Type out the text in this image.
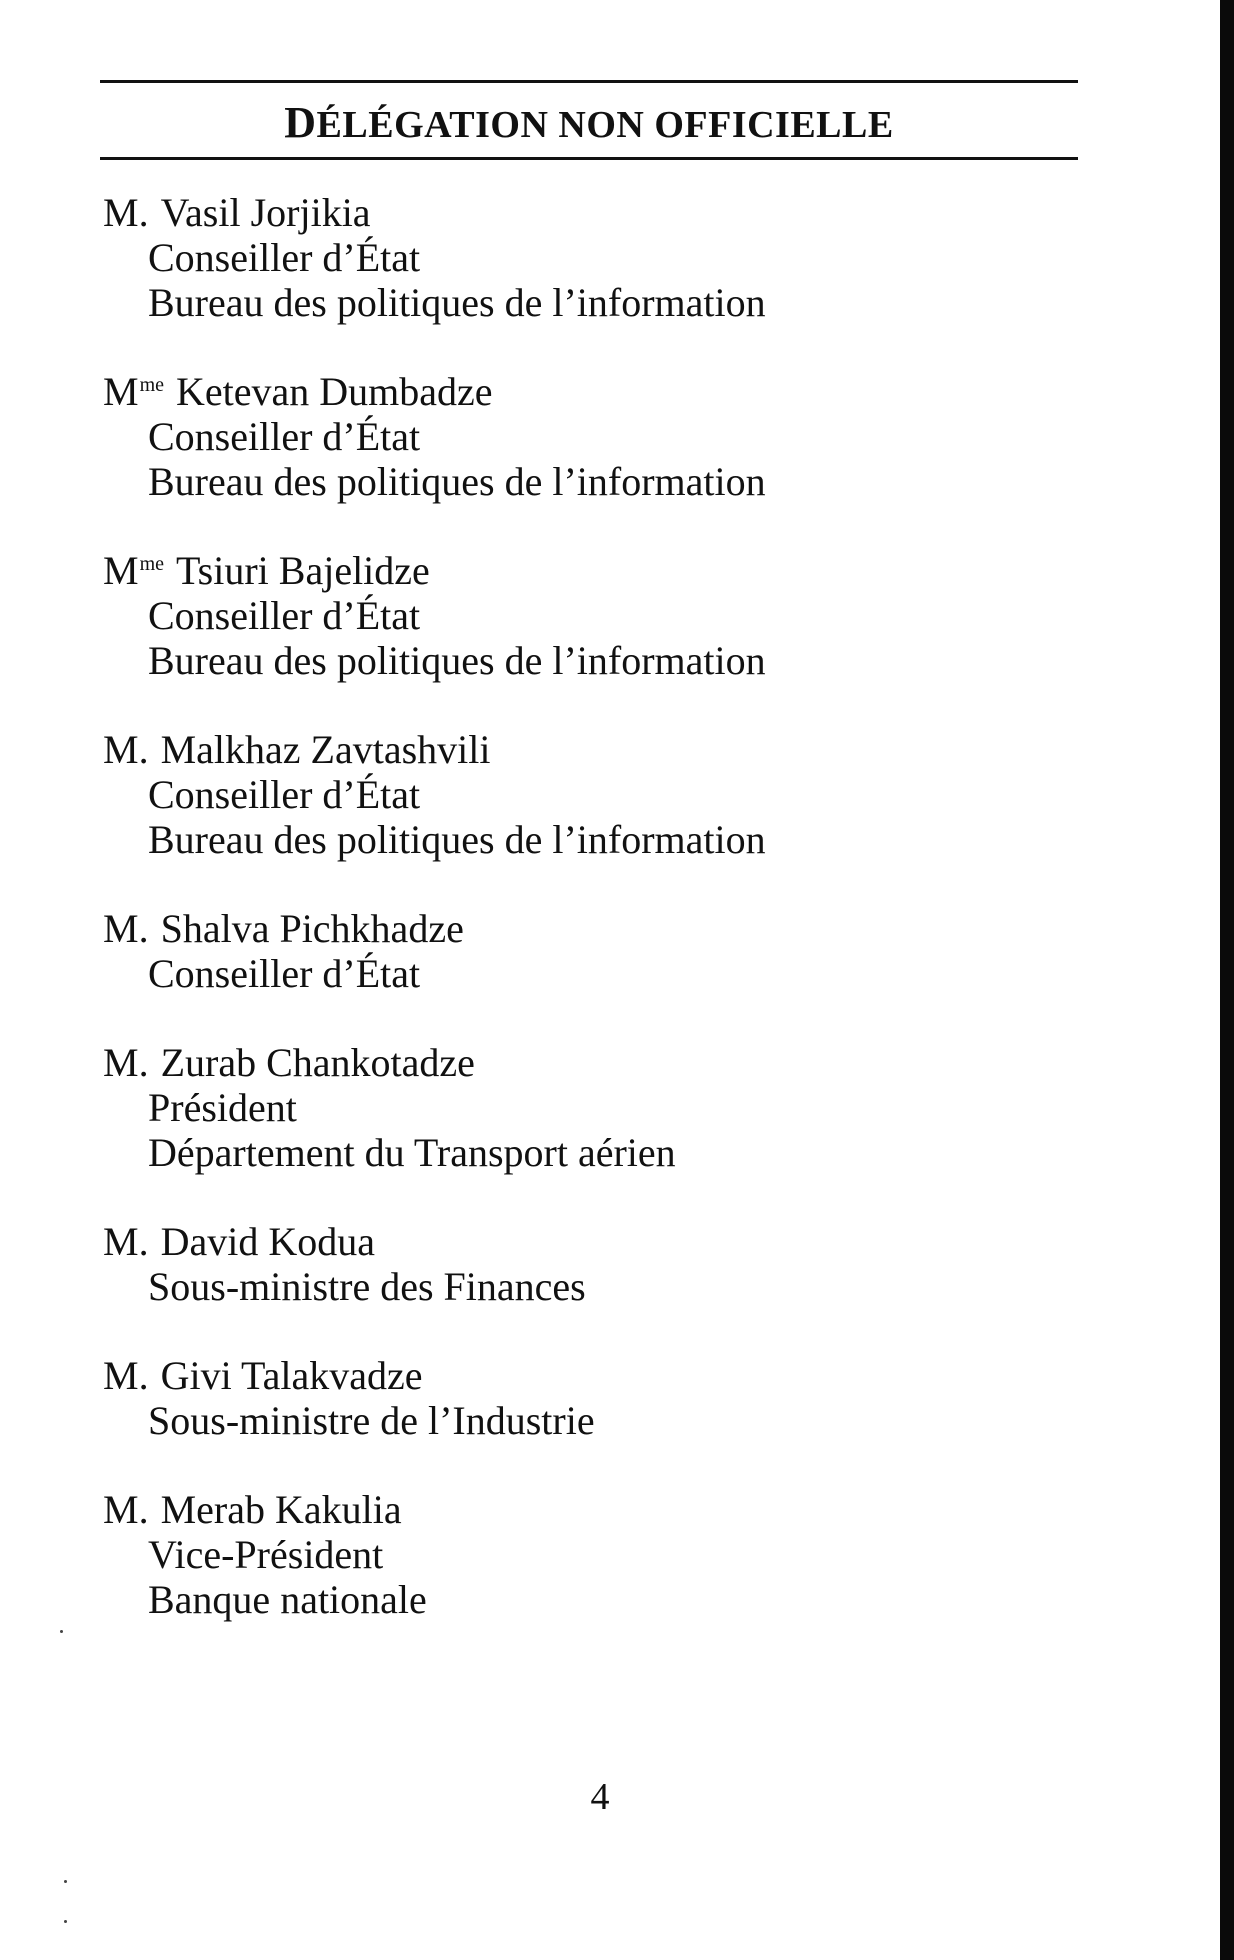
DÉLÉGATION NON OFFICIELLE
M. Vasil Jorjikia
Conseiller d’État
Bureau des politiques de l’information
$M^{me}$ Ketevan Dumbadze
Conseiller d’État
Bureau des politiques de l’information
$M^{me}$ Tsiuri Bajelidze
Conseiller d’État
Bureau des politiques de l’information
M. Malkhaz Zavtashvili
Conseiller d’État
Bureau des politiques de l’information
M. Shalva Pichkhadze
Conseiller d’État
M. Zurab Chankotadze
Président
Département du Transport aérien
M. David Kodua
Sous-ministre des Finances
M. Givi Talakvadze
Sous-ministre de l’Industrie
M. Merab Kakulia
Vice-Président
Banque nationale
4
